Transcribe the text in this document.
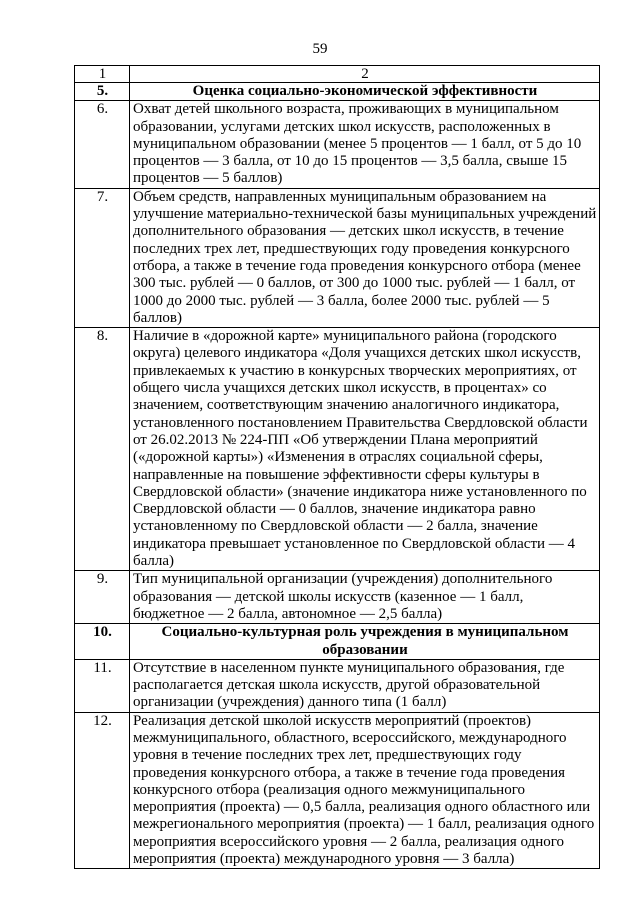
59
1	2
5.	Оценка социально-экономической эффективности
6.	Охват детей школьного возраста, проживающих в муниципальном образовании, услугами детских школ искусств, расположенных в муниципальном образовании (менее 5 процентов — 1 балл, от 5 до 10 процентов — 3 балла, от 10 до 15 процентов — 3,5 балла, свыше 15 процентов — 5 баллов)
7.	Объем средств, направленных муниципальным образованием на улучшение материально-технической базы муниципальных учреждений дополнительного образования — детских школ искусств, в течение последних трех лет, предшествующих году проведения конкурсного отбора, а также в течение года проведения конкурсного отбора (менее 300 тыс. рублей — 0 баллов, от 300 до 1000 тыс. рублей — 1 балл, от 1000 до 2000 тыс. рублей — 3 балла, более 2000 тыс. рублей — 5 баллов)
8.	Наличие в «дорожной карте» муниципального района (городского округа) целевого индикатора «Доля учащихся детских школ искусств, привлекаемых к участию в конкурсных творческих мероприятиях, от общего числа учащихся детских школ искусств, в процентах» со значением, соответствующим значению аналогичного индикатора, установленного постановлением Правительства Свердловской области от 26.02.2013 № 224-ПП «Об утверждении Плана мероприятий («дорожной карты») «Изменения в отраслях социальной сферы, направленные на повышение эффективности сферы культуры в Свердловской области» (значение индикатора ниже установленного по Свердловской области — 0 баллов, значение индикатора равно установленному по Свердловской области — 2 балла, значение индикатора превышает установленное по Свердловской области — 4 балла)
9.	Тип муниципальной организации (учреждения) дополнительного образования — детской школы искусств (казенное — 1 балл, бюджетное — 2 балла, автономное — 2,5 балла)
10.	Социально-культурная роль учреждения в муниципальном образовании
11.	Отсутствие в населенном пункте муниципального образования, где располагается детская школа искусств, другой образовательной организации (учреждения) данного типа (1 балл)
12.	Реализация детской школой искусств мероприятий (проектов) межмуниципального, областного, всероссийского, международного уровня в течение последних трех лет, предшествующих году проведения конкурсного отбора, а также в течение года проведения конкурсного отбора (реализация одного межмуниципального мероприятия (проекта) — 0,5 балла, реализация одного областного или межрегионального мероприятия (проекта) — 1 балл, реализация одного мероприятия всероссийского уровня — 2 балла, реализация одного мероприятия (проекта) международного уровня — 3 балла)
